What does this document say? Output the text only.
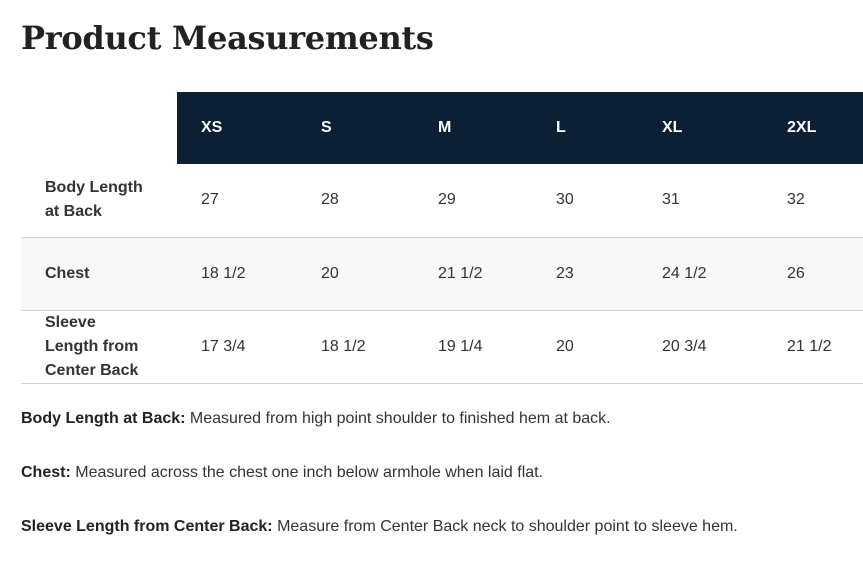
Product Measurements
	XS	S	M	L	XL	2XL
Body Length at Back	27	28	29	30	31	32
Chest	18 1/2	20	21 1/2	23	24 1/2	26
Sleeve Length from Center Back	17 3/4	18 1/2	19 1/4	20	20 3/4	21 1/2

Body Length at Back: Measured from high point shoulder to finished hem at back.

Chest: Measured across the chest one inch below armhole when laid flat.

Sleeve Length from Center Back: Measure from Center Back neck to shoulder point to sleeve hem.
